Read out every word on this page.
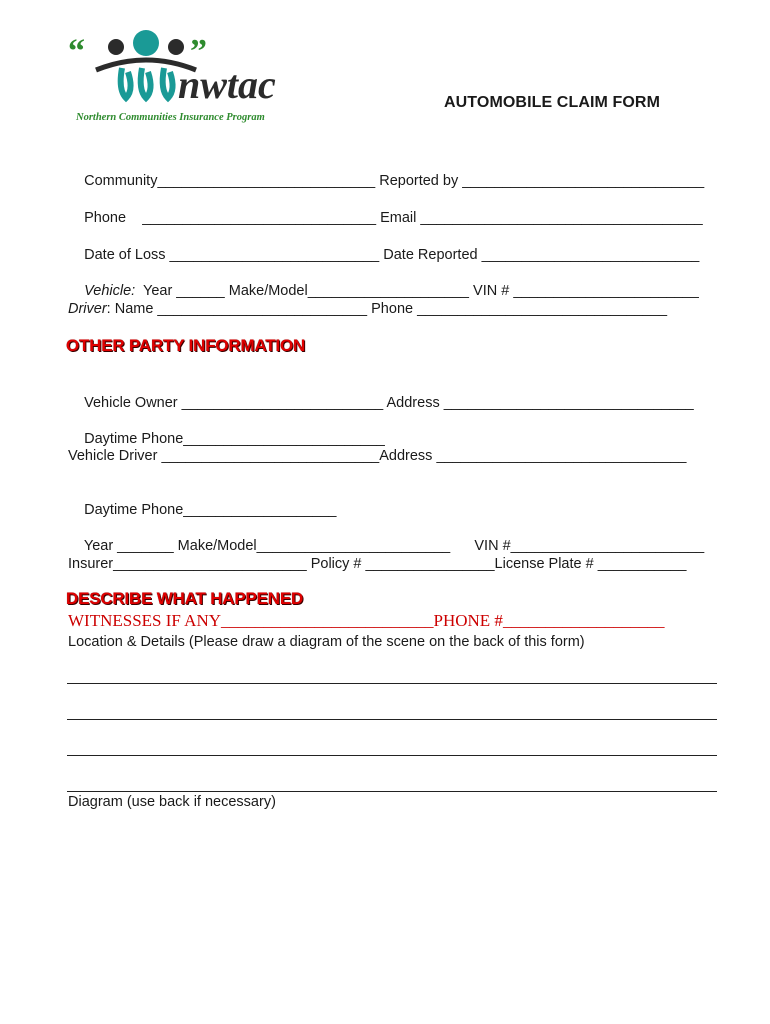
“	”
nwtac
Northern Communities Insurance Program
AUTOMOBILE CLAIM FORM

Community___________________________ Reported by ______________________________

Phone _____________________________ Email ___________________________________

Date of Loss __________________________ Date Reported ___________________________

Vehicle: Year ______ Make/Model____________________ VIN # _______________________

Driver: Name __________________________ Phone _______________________________
OTHER PARTY INFORMATION

Vehicle Owner _________________________ Address _______________________________

Daytime Phone_________________________

Vehicle Driver ___________________________Address _______________________________

Daytime Phone___________________

Year _______ Make/Model________________________ VIN #________________________

Insurer________________________ Policy # ________________License Plate # ___________
DESCRIBE WHAT HAPPENED
WITNESSES IF ANY_________________________PHONE #___________________
Location & Details (Please draw a diagram of the scene on the back of this form)
Diagram (use back if necessary)
